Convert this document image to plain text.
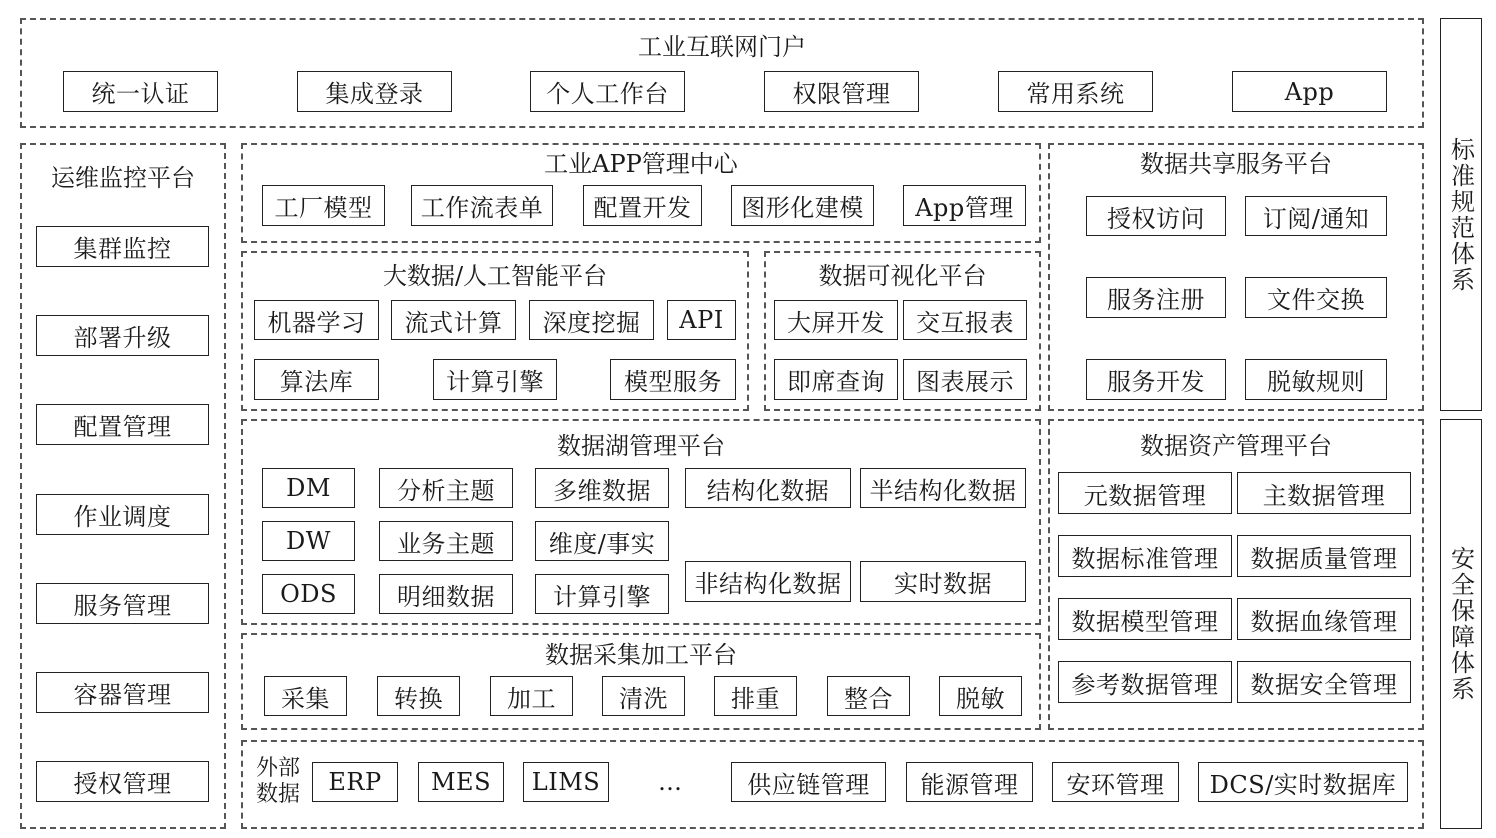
工业互联网门户
统一认证	集成登录	个人工作台	权限管理	常用系统	App
运维监控平台
集群监控
部署升级
配置管理
作业调度
服务管理
容器管理
授权管理
工业APP管理中心
工厂模型	工作流表单	配置开发	图形化建模	App管理
大数据/人工智能平台
机器学习	流式计算	深度挖掘	API
算法库	计算引擎	模型服务
数据可视化平台
大屏开发	交互报表
即席查询	图表展示
数据共享服务平台
授权访问	订阅/通知
服务注册	文件交换
服务开发	脱敏规则
数据湖管理平台
DM
DW
ODS
分析主题
业务主题
明细数据
多维数据
维度/事实
计算引擎
结构化数据	半结构化数据
非结构化数据	实时数据
数据资产管理平台
元数据管理	主数据管理
数据标准管理	数据质量管理
数据模型管理	数据血缘管理
参考数据管理	数据安全管理
数据采集加工平台
采集	转换	加工	清洗	排重	整合	脱敏
外部
数据	ERP	MES	LIMS	…	供应链管理	能源管理	安环管理	DCS/实时数据库
标准规范体系
安全保障体系
